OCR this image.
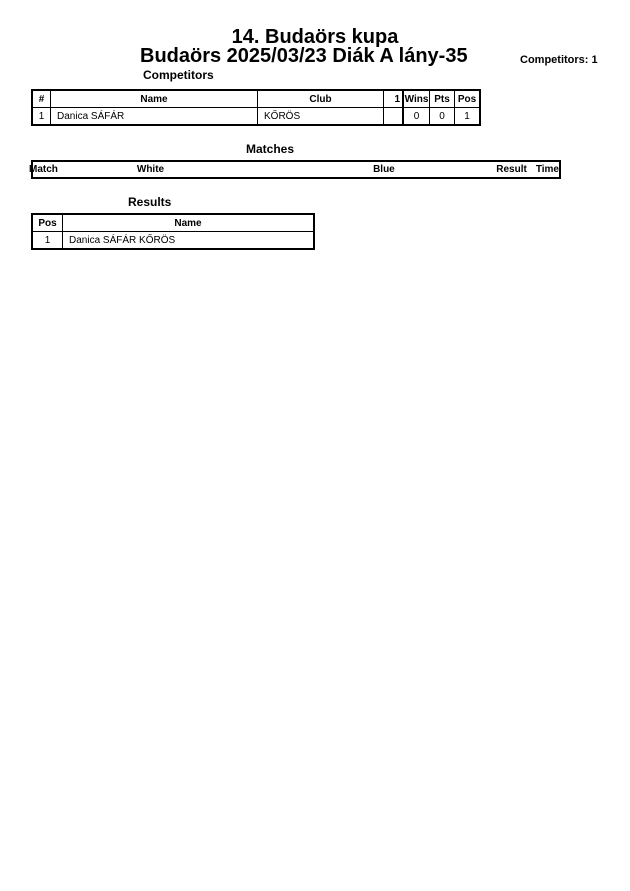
14. Budaörs kupa
Budaörs 2025/03/23 Diák A lány-35	Competitors: 1
Competitors
#	Name	Club	1	Wins	Pts	Pos
1	Danica SÁFÁR	KŐRÖS		0	0	1
Matches
Match	White	Blue	Result	Time
Results
Pos	Name
1	Danica SÁFÁR KŐRÖS
